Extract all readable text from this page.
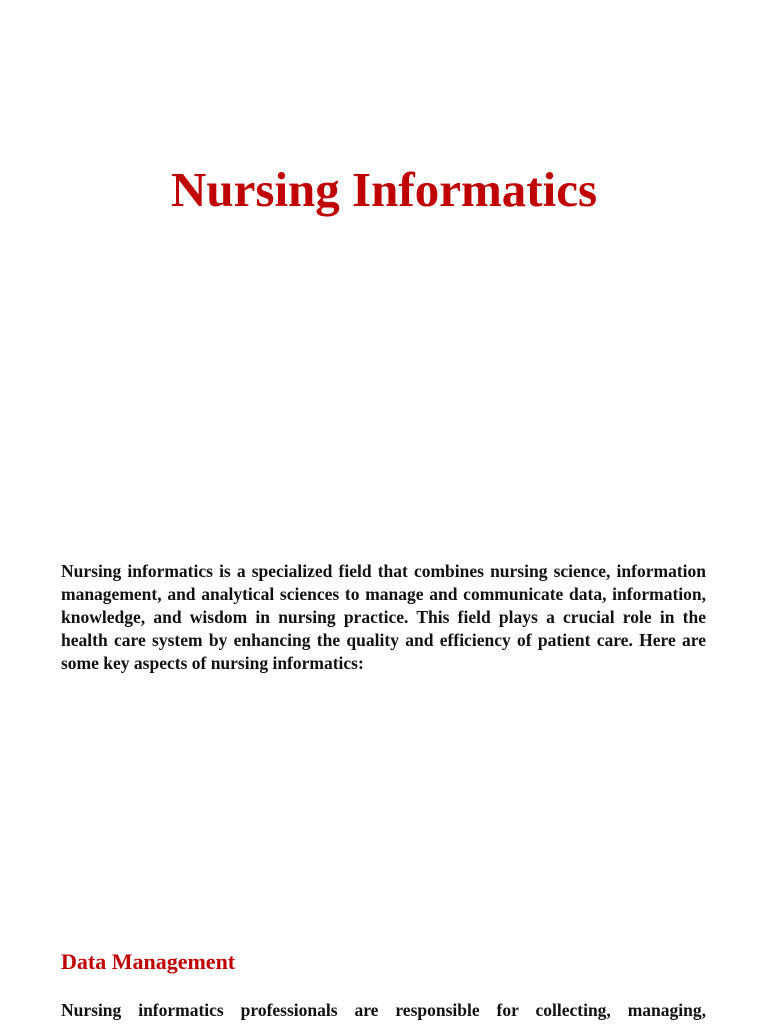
Nursing Informatics

Nursing informatics is a specialized field that combines nursing science, information management, and analytical sciences to manage and communicate data, information, knowledge, and wisdom in nursing practice. This field plays a crucial role in the health care system by enhancing the quality and efficiency of patient care. Here are some key aspects of nursing informatics:

Data Management

Nursing informatics professionals are responsible for collecting, managing,
